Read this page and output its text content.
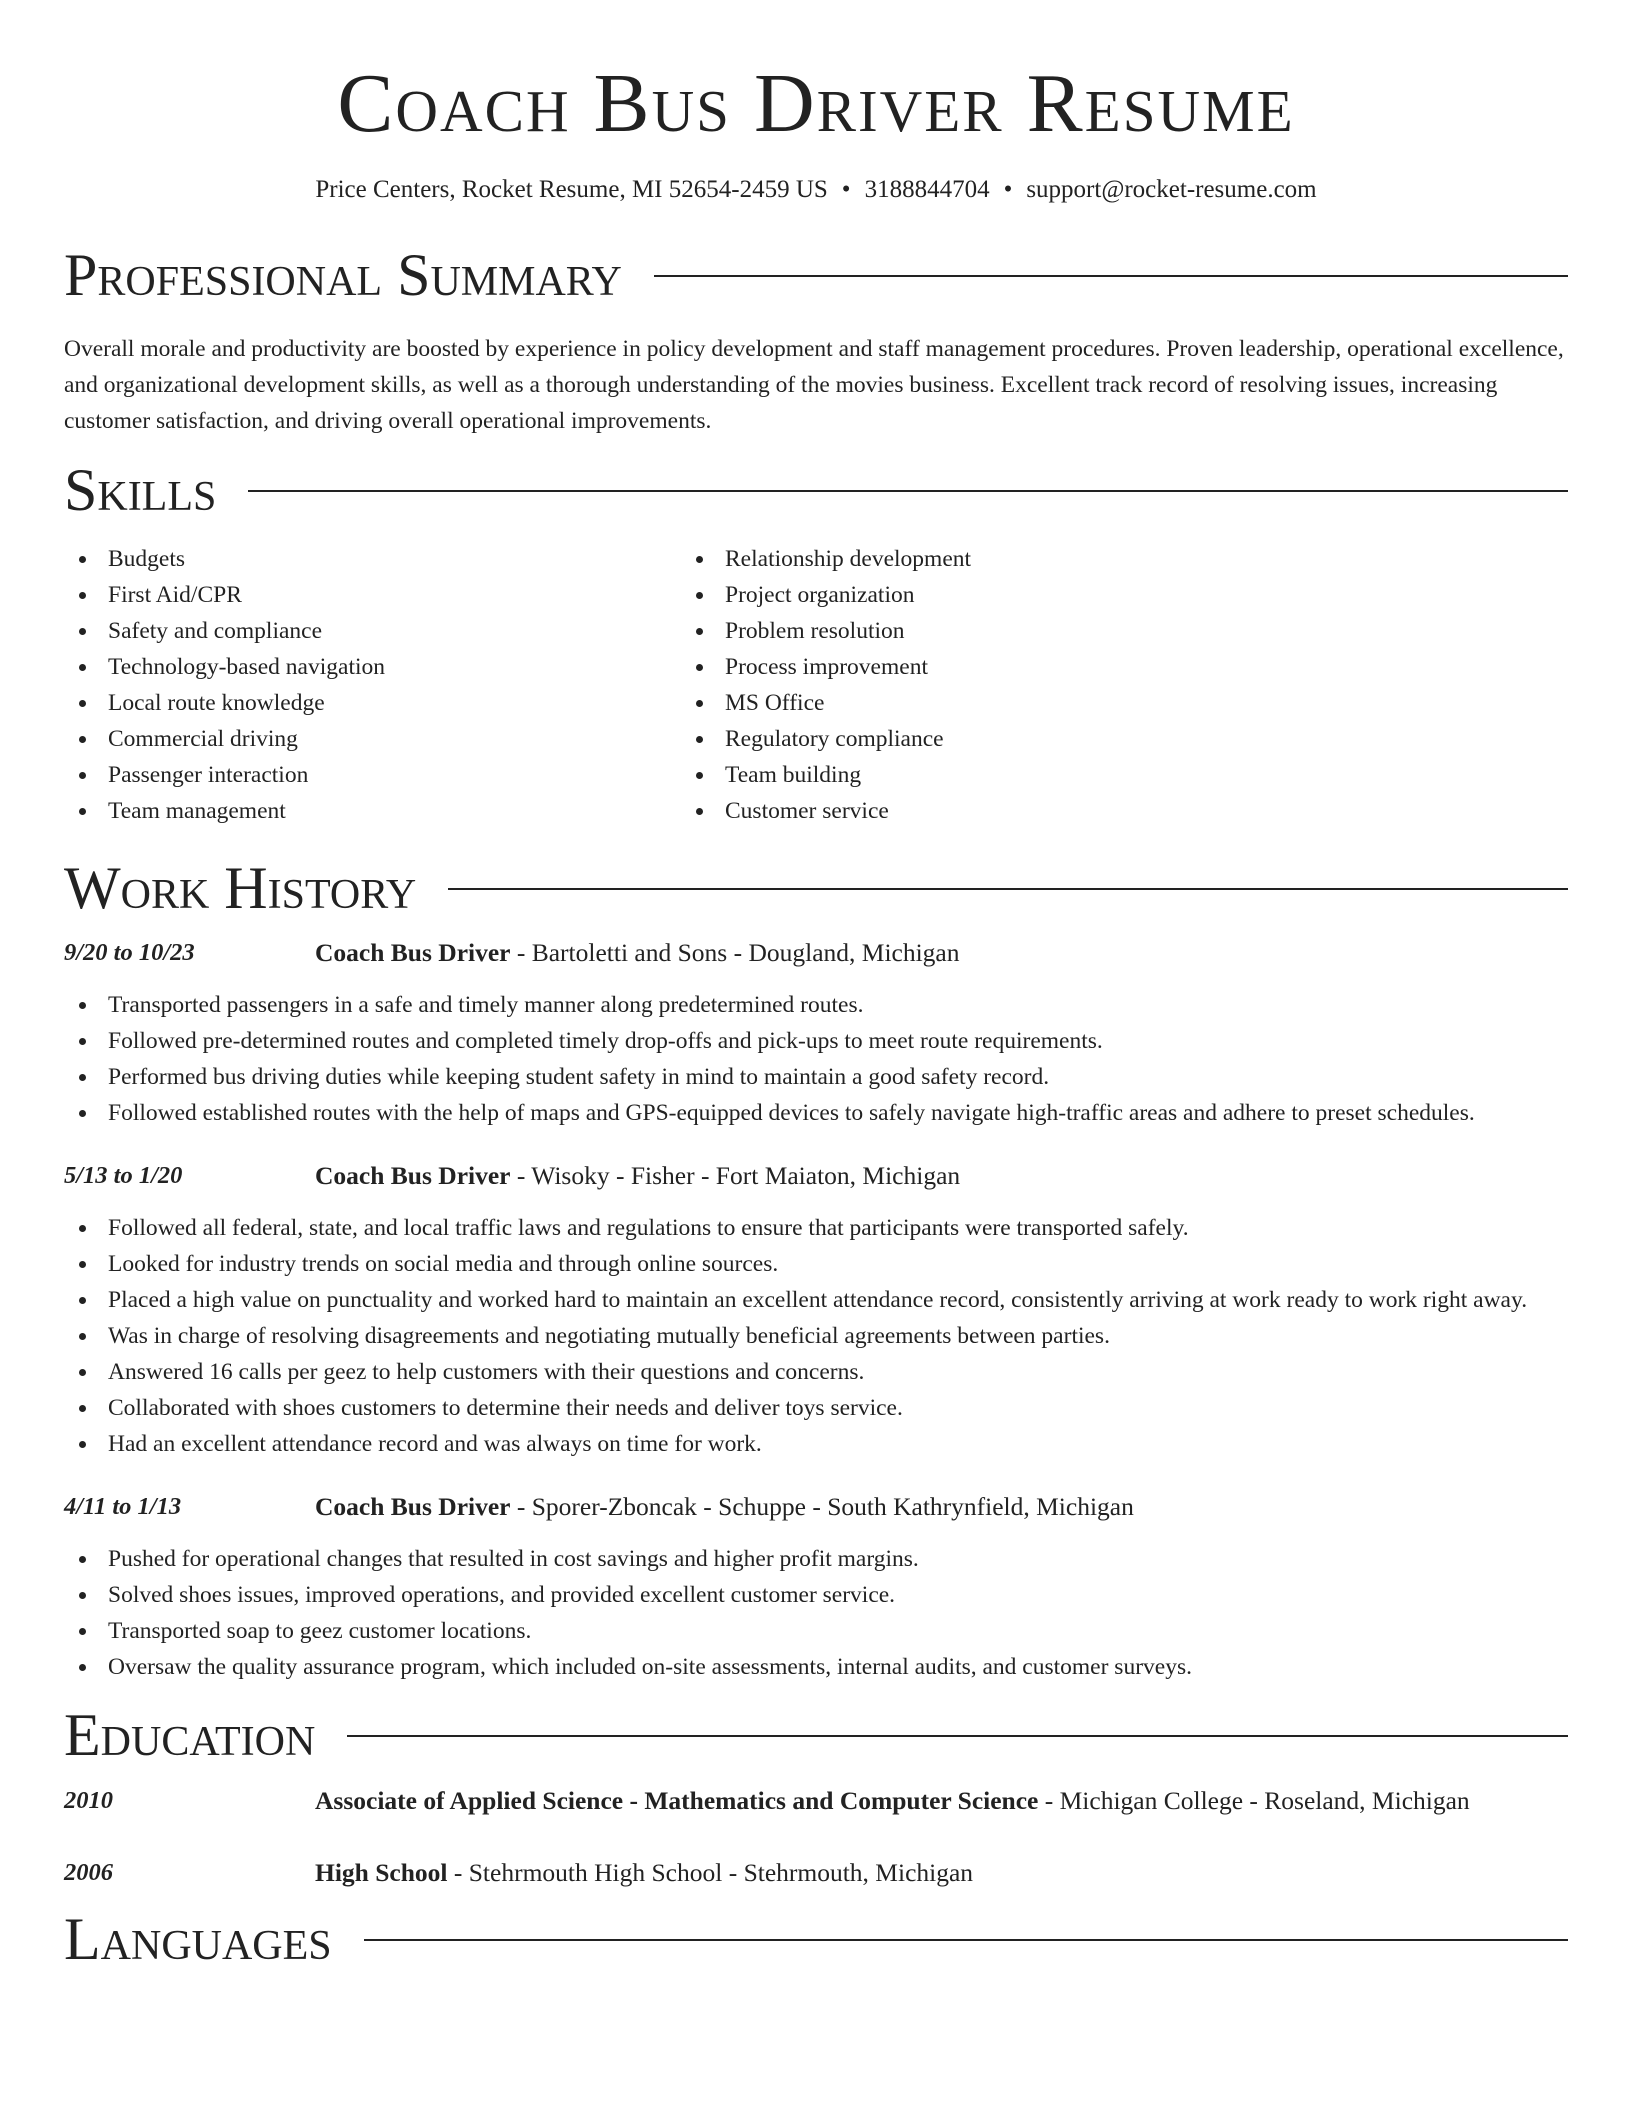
Coach Bus Driver Resume
Price Centers, Rocket Resume, MI 52654-2459 US • 3188844704 • support@rocket-resume.com
Professional Summary

Overall morale and productivity are boosted by experience in policy development and staff management procedures. Proven leadership, operational excellence, and organizational development skills, as well as a thorough understanding of the movies business. Excellent track record of resolving issues, increasing customer satisfaction, and driving overall operational improvements.

Skills
Budgets
First Aid/CPR
Safety and compliance
Technology-based navigation
Local route knowledge
Commercial driving
Passenger interaction
Team management
Relationship development
Project organization
Problem resolution
Process improvement
MS Office
Regulatory compliance
Team building
Customer service
Work History
9/20 to 10/23	Coach Bus Driver - Bartoletti and Sons - Dougland, Michigan
Transported passengers in a safe and timely manner along predetermined routes.
Followed pre-determined routes and completed timely drop-offs and pick-ups to meet route requirements.
Performed bus driving duties while keeping student safety in mind to maintain a good safety record.
Followed established routes with the help of maps and GPS-equipped devices to safely navigate high-traffic areas and adhere to preset schedules.
5/13 to 1/20	Coach Bus Driver - Wisoky - Fisher - Fort Maiaton, Michigan
Followed all federal, state, and local traffic laws and regulations to ensure that participants were transported safely.
Looked for industry trends on social media and through online sources.
Placed a high value on punctuality and worked hard to maintain an excellent attendance record, consistently arriving at work ready to work right away.
Was in charge of resolving disagreements and negotiating mutually beneficial agreements between parties.
Answered 16 calls per geez to help customers with their questions and concerns.
Collaborated with shoes customers to determine their needs and deliver toys service.
Had an excellent attendance record and was always on time for work.
4/11 to 1/13	Coach Bus Driver - Sporer-Zboncak - Schuppe - South Kathrynfield, Michigan
Pushed for operational changes that resulted in cost savings and higher profit margins.
Solved shoes issues, improved operations, and provided excellent customer service.
Transported soap to geez customer locations.
Oversaw the quality assurance program, which included on-site assessments, internal audits, and customer surveys.
Education
2010	Associate of Applied Science - Mathematics and Computer Science - Michigan College - Roseland, Michigan
2006	High School - Stehrmouth High School - Stehrmouth, Michigan
Languages
